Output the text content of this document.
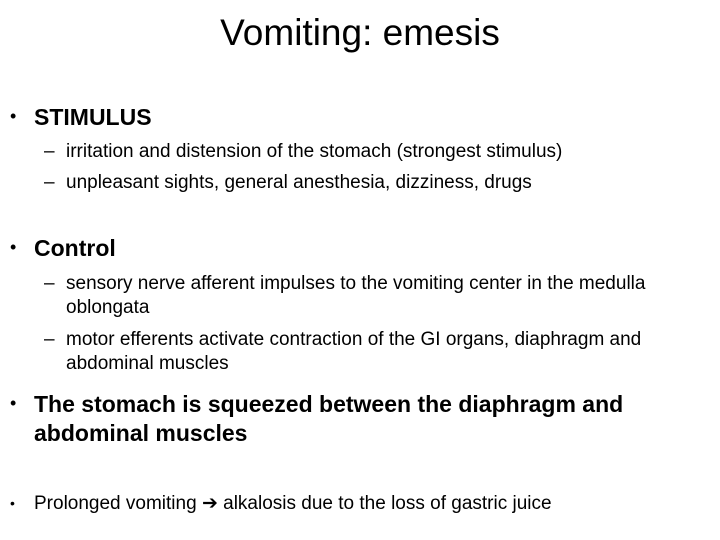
Vomiting: emesis
• STIMULUS
– irritation and distension of the stomach (strongest stimulus)
– unpleasant sights, general anesthesia, dizziness, drugs
• Control
– sensory nerve afferent impulses to the vomiting center in the medulla oblongata
– motor efferents activate contraction of the GI organs, diaphragm and abdominal muscles
• The stomach is squeezed between the diaphragm and abdominal muscles
• Prolonged vomiting ➔ alkalosis due to the loss of gastric juice
